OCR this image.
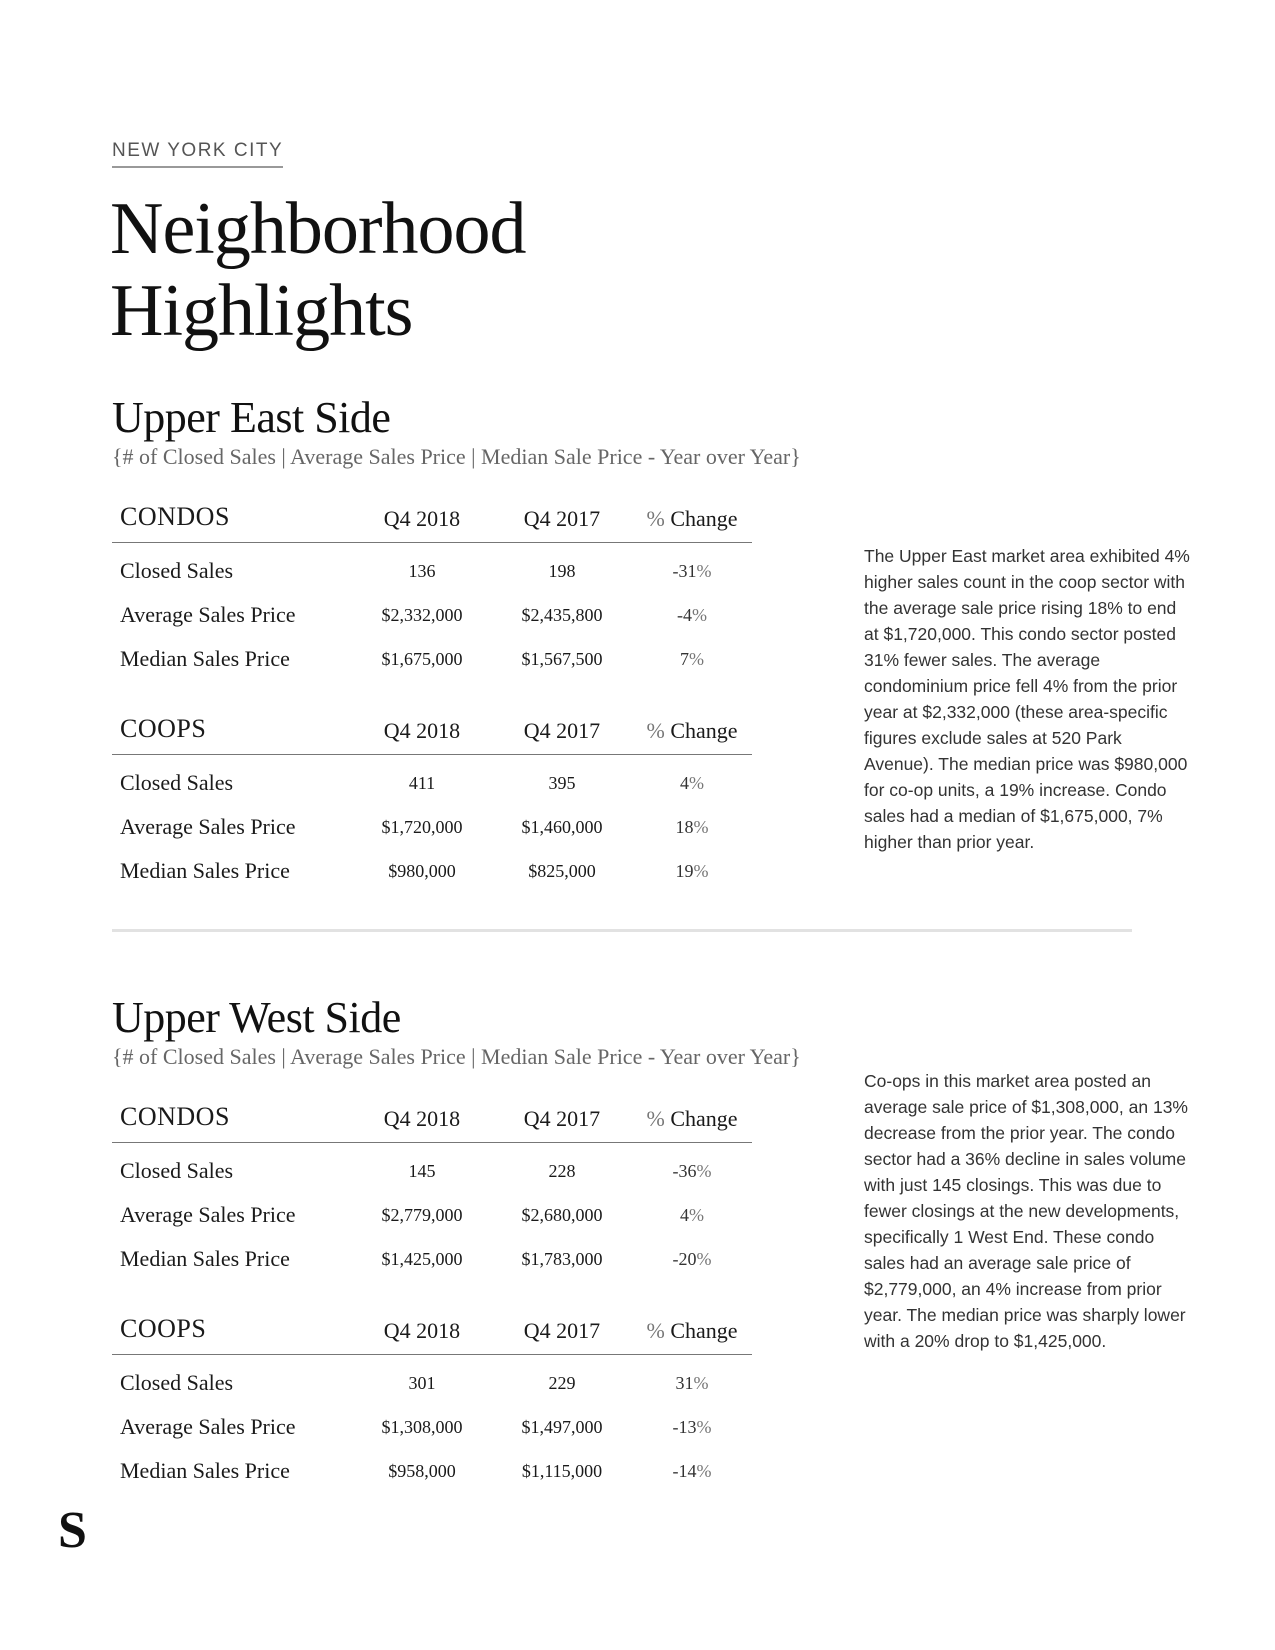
NEW YORK CITY
Neighborhood
Highlights
Upper East Side
{# of Closed Sales | Average Sales Price | Median Sale Price - Year over Year}
CONDOS	Q4 2018	Q4 2017	% Change
Closed Sales	136	198	-31%
Average Sales Price	$2,332,000	$2,435,800	-4%
Median Sales Price	$1,675,000	$1,567,500	7%
COOPS	Q4 2018	Q4 2017	% Change
Closed Sales	411	395	4%
Average Sales Price	$1,720,000	$1,460,000	18%
Median Sales Price	$980,000	$825,000	19%

The Upper East market area exhibited 4% higher sales count in the coop sector with the average sale price rising 18% to end at $1,720,000. This condo sector posted 31% fewer sales. The average condominium price fell 4% from the prior year at $2,332,000 (these area-specific figures exclude sales at 520 Park Avenue). The median price was $980,000 for co-op units, a 19% increase. Condo sales had a median of $1,675,000, 7% higher than prior year.

Upper West Side
{# of Closed Sales | Average Sales Price | Median Sale Price - Year over Year}
CONDOS	Q4 2018	Q4 2017	% Change
Closed Sales	145	228	-36%
Average Sales Price	$2,779,000	$2,680,000	4%
Median Sales Price	$1,425,000	$1,783,000	-20%
COOPS	Q4 2018	Q4 2017	% Change
Closed Sales	301	229	31%
Average Sales Price	$1,308,000	$1,497,000	-13%
Median Sales Price	$958,000	$1,115,000	-14%

Co-ops in this market area posted an average sale price of $1,308,000, an 13% decrease from the prior year. The condo sector had a 36% decline in sales volume with just 145 closings. This was due to fewer closings at the new developments, specifically 1 West End. These condo sales had an average sale price of $2,779,000, an 4% increase from prior year. The median price was sharply lower with a 20% drop to $1,425,000.

S
